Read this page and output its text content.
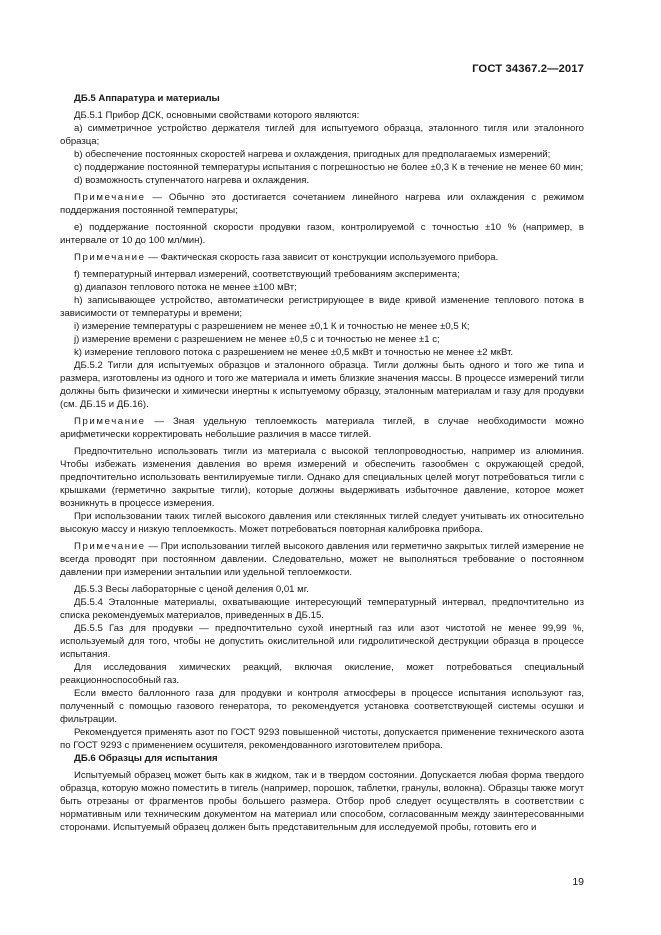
ГОСТ 34367.2—2017
ДБ.5 Аппаратура и материалы

ДБ.5.1 Прибор ДСК, основными свойствами которого являются:

a) симметричное устройство держателя тиглей для испытуемого образца, эталонного тигля или эталонного образца;

b) обеспечение постоянных скоростей нагрева и охлаждения, пригодных для предполагаемых измерений;

c) поддержание постоянной температуры испытания с погрешностью не более ±0,3 К в течение не менее 60 мин;

d) возможность ступенчатого нагрева и охлаждения.

Примечание — Обычно это достигается сочетанием линейного нагрева или охлаждения с режимом поддержания постоянной температуры;

e) поддержание постоянной скорости продувки газом, контролируемой с точностью ±10 % (например, в интервале от 10 до 100 мл/мин).

Примечание — Фактическая скорость газа зависит от конструкции используемого прибора.

f) температурный интервал измерений, соответствующий требованиям эксперимента;

g) диапазон теплового потока не менее ±100 мВт;

h) записывающее устройство, автоматически регистрирующее в виде кривой изменение теплового потока в зависимости от температуры и времени;

i) измерение температуры с разрешением не менее ±0,1 К и точностью не менее ±0,5 К;

j) измерение времени с разрешением не менее ±0,5 с и точностью не менее ±1 с;

k) измерение теплового потока с разрешением не менее ±0,5 мкВт и точностью не менее ±2 мкВт.

ДБ.5.2 Тигли для испытуемых образцов и эталонного образца. Тигли должны быть одного и того же типа и размера, изготовлены из одного и того же материала и иметь близкие значения массы. В процессе измерений тигли должны быть физически и химически инертны к испытуемому образцу, эталонным материалам и газу для продувки (см. ДБ.15 и ДБ.16).

Примечание — Зная удельную теплоемкость материала тиглей, в случае необходимости можно арифметически корректировать небольшие различия в массе тиглей.

Предпочтительно использовать тигли из материала с высокой теплопроводностью, например из алюминия. Чтобы избежать изменения давления во время измерений и обеспечить газообмен с окружающей средой, предпочтительно использовать вентилируемые тигли. Однако для специальных целей могут потребоваться тигли с крышками (герметично закрытые тигли), которые должны выдерживать избыточное давление, которое может возникнуть в процессе измерения.

При использовании таких тиглей высокого давления или стеклянных тиглей следует учитывать их относительно высокую массу и низкую теплоемкость. Может потребоваться повторная калибровка прибора.

Примечание — При использовании тиглей высокого давления или герметично закрытых тиглей измерение не всегда проводят при постоянном давлении. Следовательно, может не выполняться требование о постоянном давлении при измерении энтальпии или удельной теплоемкости.

ДБ.5.3 Весы лабораторные с ценой деления 0,01 мг.

ДБ.5.4 Эталонные материалы, охватывающие интересующий температурный интервал, предпочтительно из списка рекомендуемых материалов, приведенных в ДБ.15.

ДБ.5.5 Газ для продувки — предпочтительно сухой инертный газ или азот чистотой не менее 99,99 %, используемый для того, чтобы не допустить окислительной или гидролитической деструкции образца в процессе испытания.

Для исследования химических реакций, включая окисление, может потребоваться специальный реакционноспособный газ.

Если вместо баллонного газа для продувки и контроля атмосферы в процессе испытания используют газ, полученный с помощью газового генератора, то рекомендуется установка соответствующей системы осушки и фильтрации.

Рекомендуется применять азот по ГОСТ 9293 повышенной чистоты, допускается применение технического азота по ГОСТ 9293 с применением осушителя, рекомендованного изготовителем прибора.

ДБ.6 Образцы для испытания

Испытуемый образец может быть как в жидком, так и в твердом состоянии. Допускается любая форма твердого образца, которую можно поместить в тигель (например, порошок, таблетки, гранулы, волокна). Образцы также могут быть отрезаны от фрагментов пробы большего размера. Отбор проб следует осуществлять в соответствии с нормативным или техническим документом на материал или способом, согласованным между заинтересованными сторонами. Испытуемый образец должен быть представительным для исследуемой пробы, готовить его и

19
